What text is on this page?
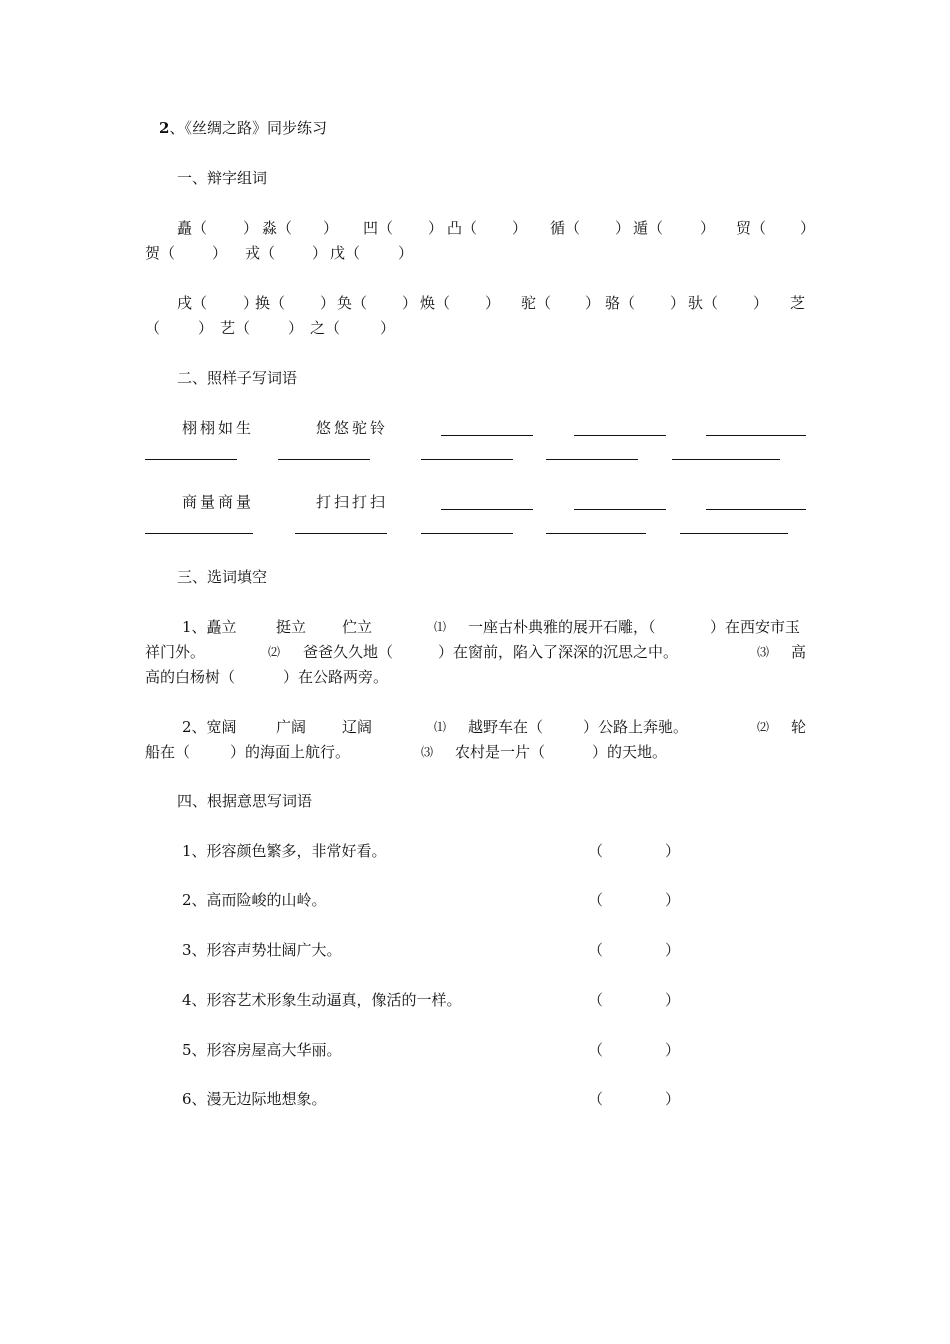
2、《丝绸之路》同步练习
一、辩字组词
矗（ ） 淼（ ） 凹（ ） 凸（ ） 循（ ） 遁（ ） 贸（ ）
贺（ ） 戎（ ） 戊（	）
戌（ ）
换（ ） 奂（ ） 焕（ ） 驼（ ） 骆（ ） 驮（ ） 芝
（	） 艺（	） 之（	）
二、照样子写词语
栩栩如生	悠悠驼铃
商量商量	打扫打扫
三、选词填空
1、矗立	挺立 伫立	⑴ 一座古朴典雅的展开石雕，（	）在西安市玉
祥门外。	⑵ 爸爸久久地（	）在窗前，陷入了深深的沉思之中。	⑶ 高
高的白杨树（	）在公路两旁。
2、宽阔	广阔 辽阔	⑴ 越野车在（	）公路上奔驰。	⑵ 轮
船在（	）的海面上航行。	⑶ 农村是一片（	）的天地。
四、根据意思写词语
1、形容颜色繁多，非常好看。	（	）
2、高而险峻的山岭。	（	）
3、形容声势壮阔广大。	（	）
4、形容艺术形象生动逼真，像活的一样。	（	）
5、形容房屋高大华丽。	（	）
6、漫无边际地想象。	（	）
